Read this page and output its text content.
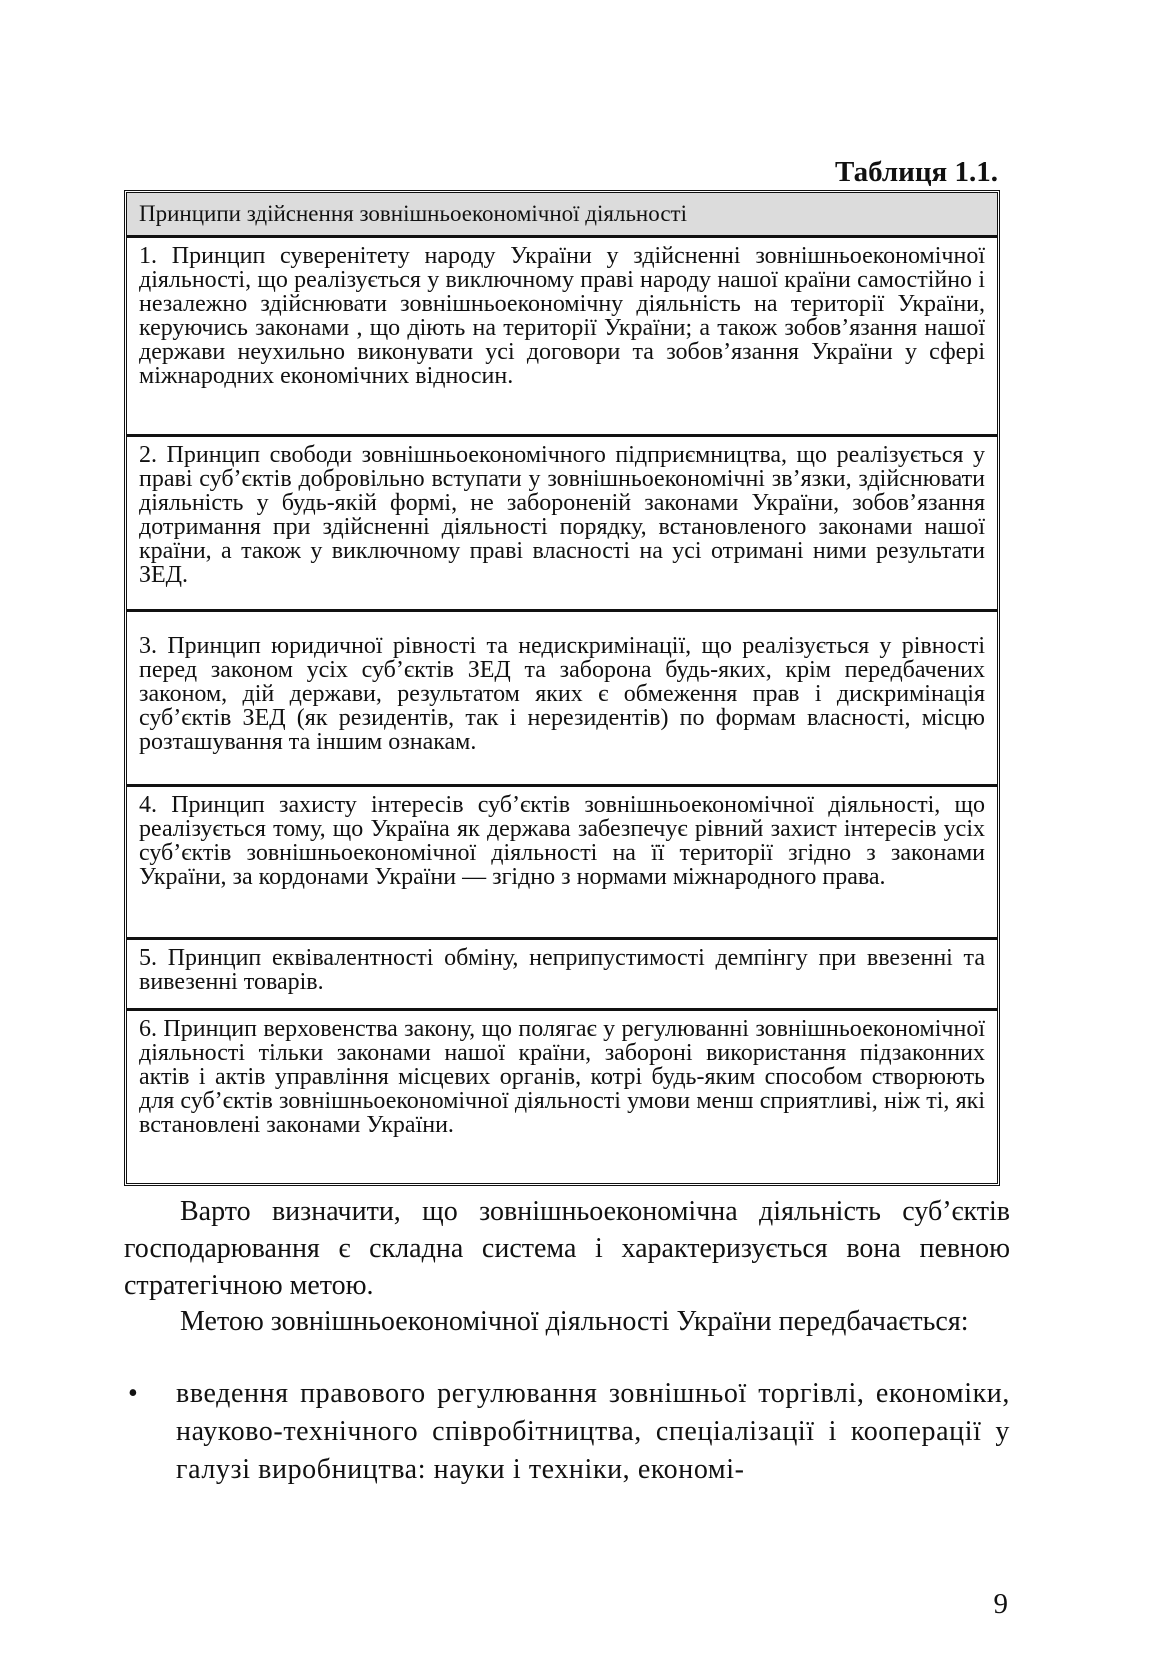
Таблиця 1.1.
Принципи здійснення зовнішньоекономічної діяльності
1. Принцип суверенітету народу України у здійсненні зовнішньоекономічної діяльності, що реалізується у виключному праві народу нашої країни самостійно і незалежно здійснювати зовнішньоекономічну діяльність на території України, керуючись законами , що діють на території України; а також зобов’язання нашої держави неухильно виконувати усі договори та зобов’язання України у сфері міжнародних економічних відносин.
2. Принцип свободи зовнішньоекономічного підприємництва, що реалізується у праві суб’єктів добровільно вступати у зовнішньоекономічні зв’язки, здійснювати діяльність у будь-якій формі, не забороненій законами України, зобов’язання дотримання при здійсненні діяльності порядку, встановленого законами нашої країни, а також у виключному праві власності на усі отримані ними результати ЗЕД.
3. Принцип юридичної рівності та недискримінації, що реалізується у рівності перед законом усіх суб’єктів ЗЕД та заборона будь-яких, крім передбачених законом, дій держави, результатом яких є обмеження прав і дискримінація суб’єктів ЗЕД (як резидентів, так і нерезидентів) по формам власності, місцю розташування та іншим ознакам.
4. Принцип захисту інтересів суб’єктів зовнішньоекономічної діяльності, що реалізується тому, що Україна як держава забезпечує рівний захист інтересів усіх суб’єктів зовнішньоекономічної діяльності на її території згідно з законами України, за кордонами України — згідно з нормами міжнародного права.
5. Принцип еквівалентності обміну, неприпустимості демпінгу при ввезенні та вивезенні товарів.
6. Принцип верховенства закону, що полягає у регулюванні зовнішньоекономічної діяльності тільки законами нашої країни, забороні використання підзаконних актів і актів управління місцевих органів, котрі будь-яким способом створюють для суб’єктів зовнішньоекономічної діяльності умови менш сприятливі, ніж ті, які встановлені законами України.
Варто визначити, що зовнішньоекономічна діяльність суб’єктів господарювання є складна система і характеризується вона певною стратегічною метою.
Метою зовнішньоекономічної діяльності України передбачається:
• введення правового регулювання зовнішньої торгівлі, економіки, науково-технічного співробітництва, спеціалізації і кооперації у галузі виробництва: науки і техніки, економі-
9
